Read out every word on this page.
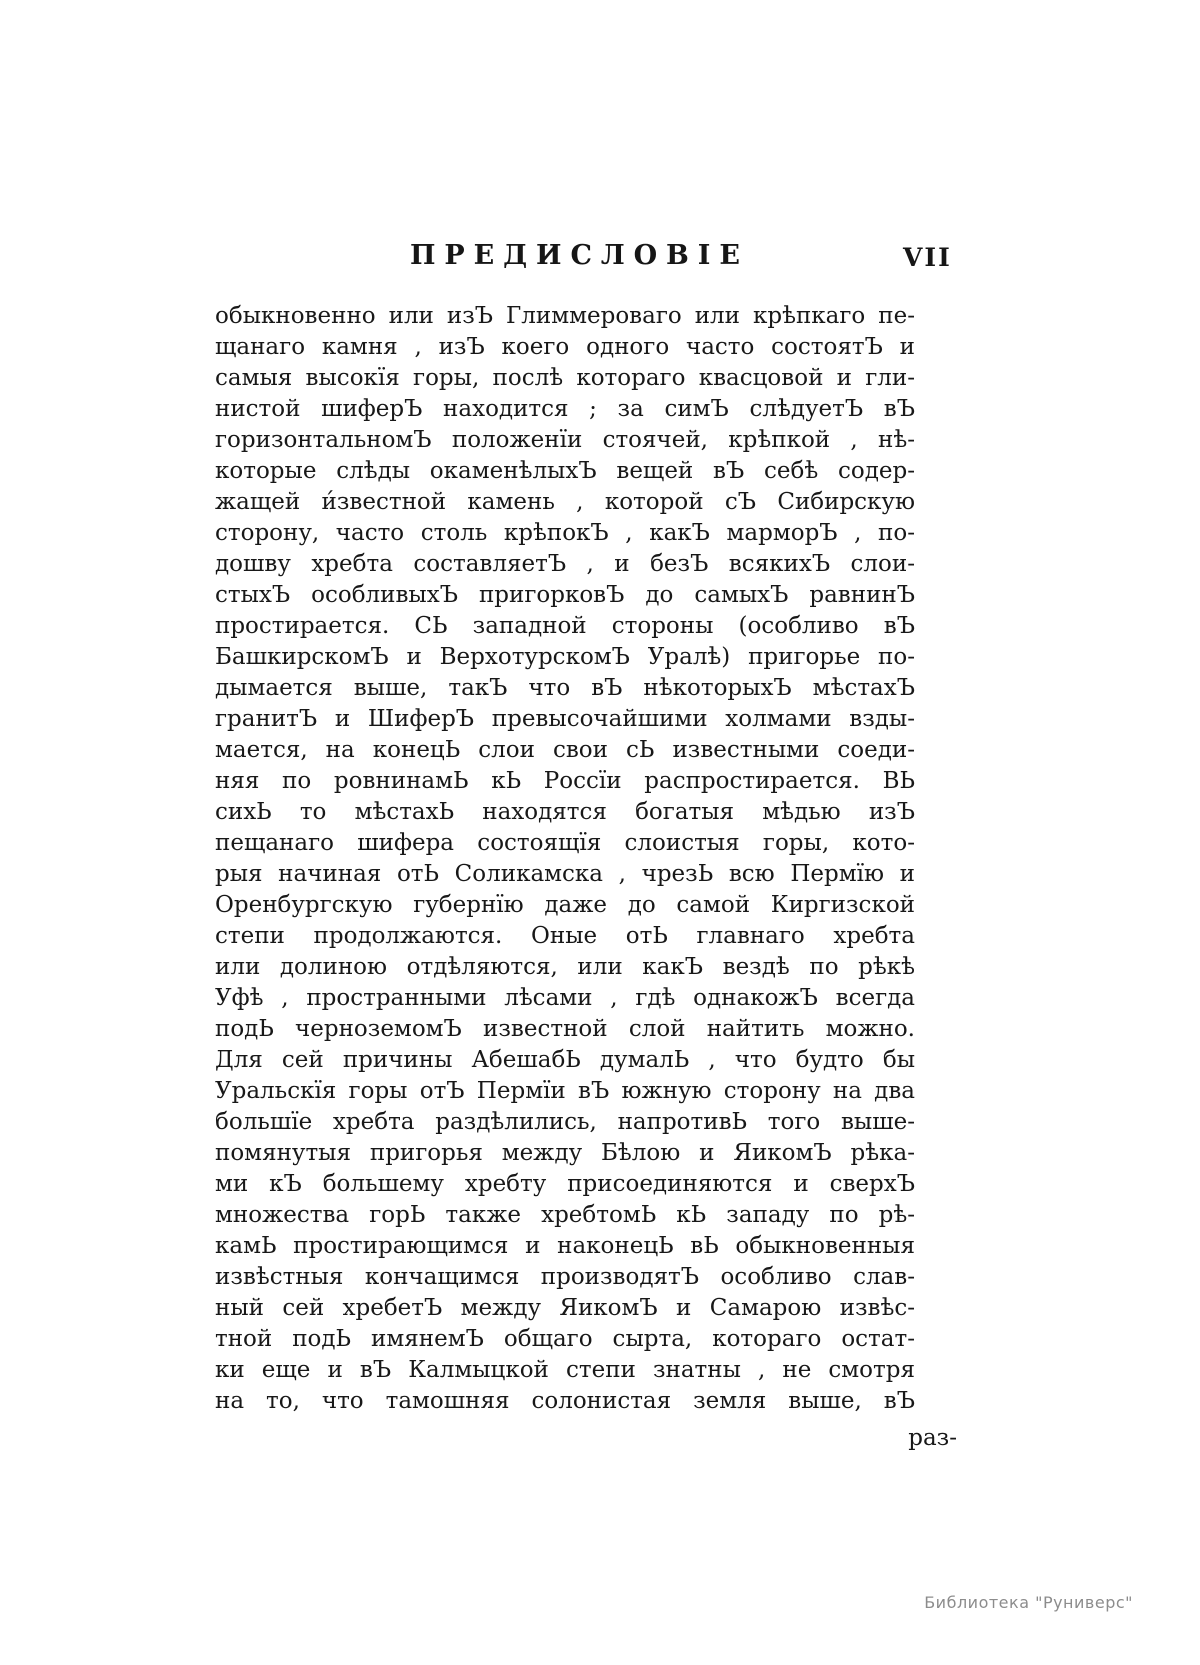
ПРЕДИСЛОВІЕ	VII
обыкновенно или изЪ Глиммероваго или крѣпкаго пе-
щанаго камня , изЪ коего одного часто состоятЪ и
самыя высокїя горы, послѣ котораго квасцовой и гли-
нистой шиферЪ находится ; за симЪ слѣдуетЪ вЪ
горизонтальномЪ положенїи стоячей, крѣпкой , нѣ-
которые слѣды окаменѣлыхЪ вещей вЪ себѣ содер-
жащей и́звестной камень , которой сЪ Сибирскую
сторону, часто столь крѣпокЪ , какЪ марморЪ , по-
дошву хребта составляетЪ , и безЪ всякихЪ слои-
стыхЪ особливыхЪ пригорковЪ до самыхЪ равнинЪ
простирается. СЬ западной стороны (особливо вЪ
БашкирскомЪ и ВерхотурскомЪ Уралѣ) пригорье по-
дымается выше, такЪ что вЪ нѣкоторыхЪ мѣстахЪ
гранитЪ и ШиферЪ превысочайшими холмами взды-
мается, на конецЬ слои свои сЬ известными соеди-
няя по ровнинамЬ кЬ Россїи распростирается. ВЬ
сихЬ то мѣстахЬ находятся богатыя мѣдью изЪ
пещанаго шифера состоящїя слоистыя горы, кото-
рыя начиная отЬ Соликамска , чрезЬ всю Пермїю и
Оренбургскую губернїю даже до самой Киргизской
степи продолжаются. Оные отЬ главнаго хребта
или долиною отдѣляются, или какЪ вездѣ по рѣкѣ
Уфѣ , пространными лѣсами , гдѣ однакожЪ всегда
подЬ черноземомЪ известной слой найтить можно.
Для сей причины АбешабЬ думалЬ , что будто бы
Уральскїя горы отЪ Пермїи вЪ южную сторону на два
большїе хребта раздѣлились, напротивЬ того выше-
помянутыя пригорья между Бѣлою и ЯикомЪ рѣка-
ми кЪ большему хребту присоединяются и сверхЪ
множества горЬ также хребтомЬ кЬ западу по рѣ-
камЬ простирающимся и наконецЬ вЬ обыкновенныя
извѣстныя кончащимся производятЪ особливо слав-
ный сей хребетЪ между ЯикомЪ и Самарою извѣс-
тной подЬ имянемЪ общаго сырта, котораго остат-
ки еще и вЪ Калмыцкой степи знатны , не смотря
на то, что тамошняя солонистая земля выше, вЪ
раз-
Библиотека "Руниверс"
